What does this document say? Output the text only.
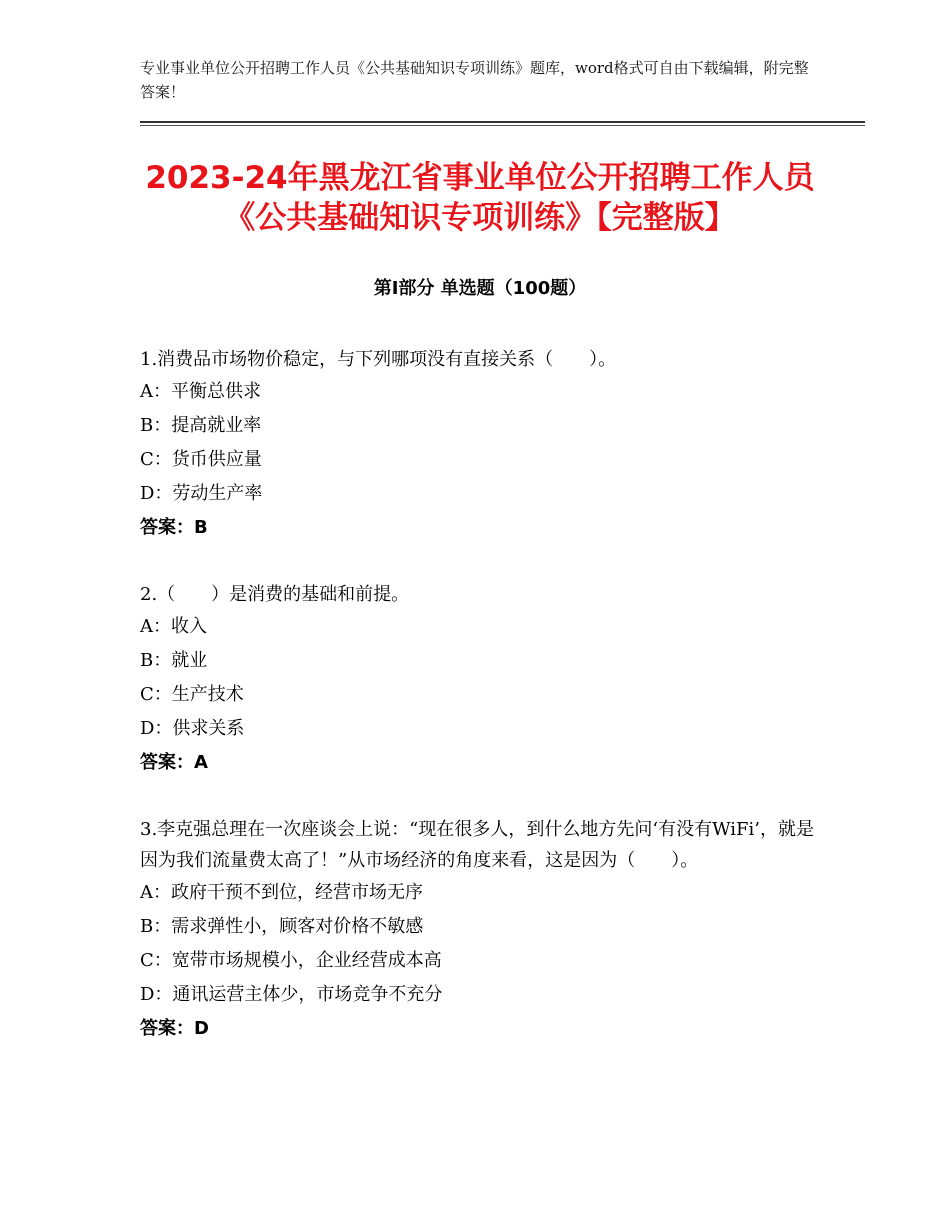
专业事业单位公开招聘工作人员《公共基础知识专项训练》题库，word格式可自由下载编辑，附完整答案！
2023-24年黑龙江省事业单位公开招聘工作人员《公共基础知识专项训练》【完整版】
第Ⅰ部分 单选题（100题）

1.消费品市场物价稳定，与下列哪项没有直接关系（　　）。

A：平衡总供求

B：提高就业率

C：货币供应量

D：劳动生产率

答案：B

2.（　　）是消费的基础和前提。

A：收入

B：就业

C：生产技术

D：供求关系

答案：A

3.李克强总理在一次座谈会上说：“现在很多人，到什么地方先问‘有没有WiFi’，就是因为我们流量费太高了！”从市场经济的角度来看，这是因为（　　）。

A：政府干预不到位，经营市场无序

B：需求弹性小，顾客对价格不敏感

C：宽带市场规模小，企业经营成本高

D：通讯运营主体少，市场竞争不充分

答案：D
